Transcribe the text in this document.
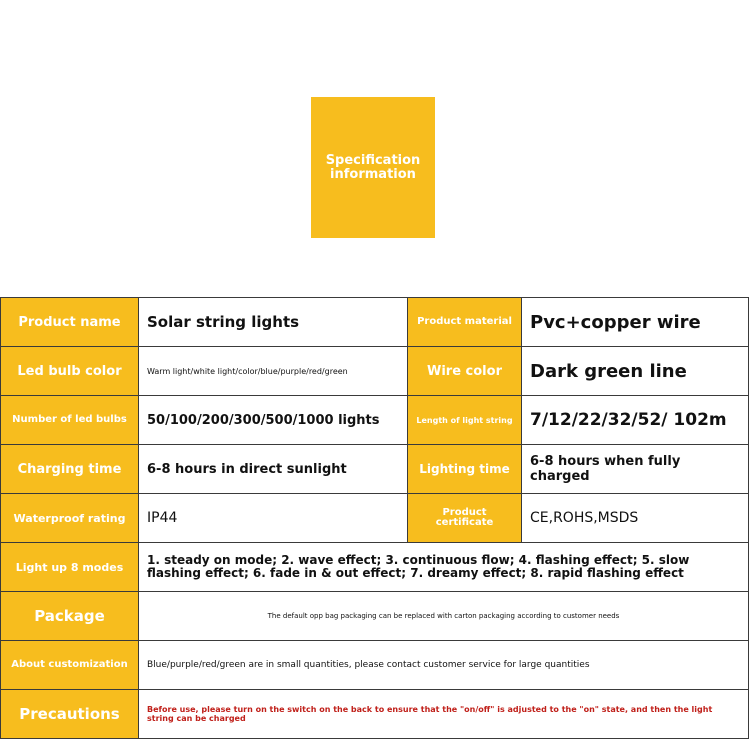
Specification
information
Product name	Solar string lights	Product material	Pvc+copper wire
Led bulb color	Warm light/white light/color/blue/purple/red/green	Wire color	Dark green line
Number of led bulbs	50/100/200/300/500/1000 lights	Length of light string	7/12/22/32/52/ 102m
Charging time	6-8 hours in direct sunlight	Lighting time	6-8 hours when fully charged
Waterproof rating	IP44	Product certificate	CE,ROHS,MSDS
Light up 8 modes	1. steady on mode; 2. wave effect; 3. continuous flow; 4. flashing effect; 5. slow flashing effect; 6. fade in & out effect; 7. dreamy effect; 8. rapid flashing effect		
Package	The default opp bag packaging can be replaced with carton packaging according to customer needs		
About customization	Blue/purple/red/green are in small quantities, please contact customer service for large quantities		
Precautions	Before use, please turn on the switch on the back to ensure that the "on/off" is adjusted to the "on" state, and then the light string can be charged		
